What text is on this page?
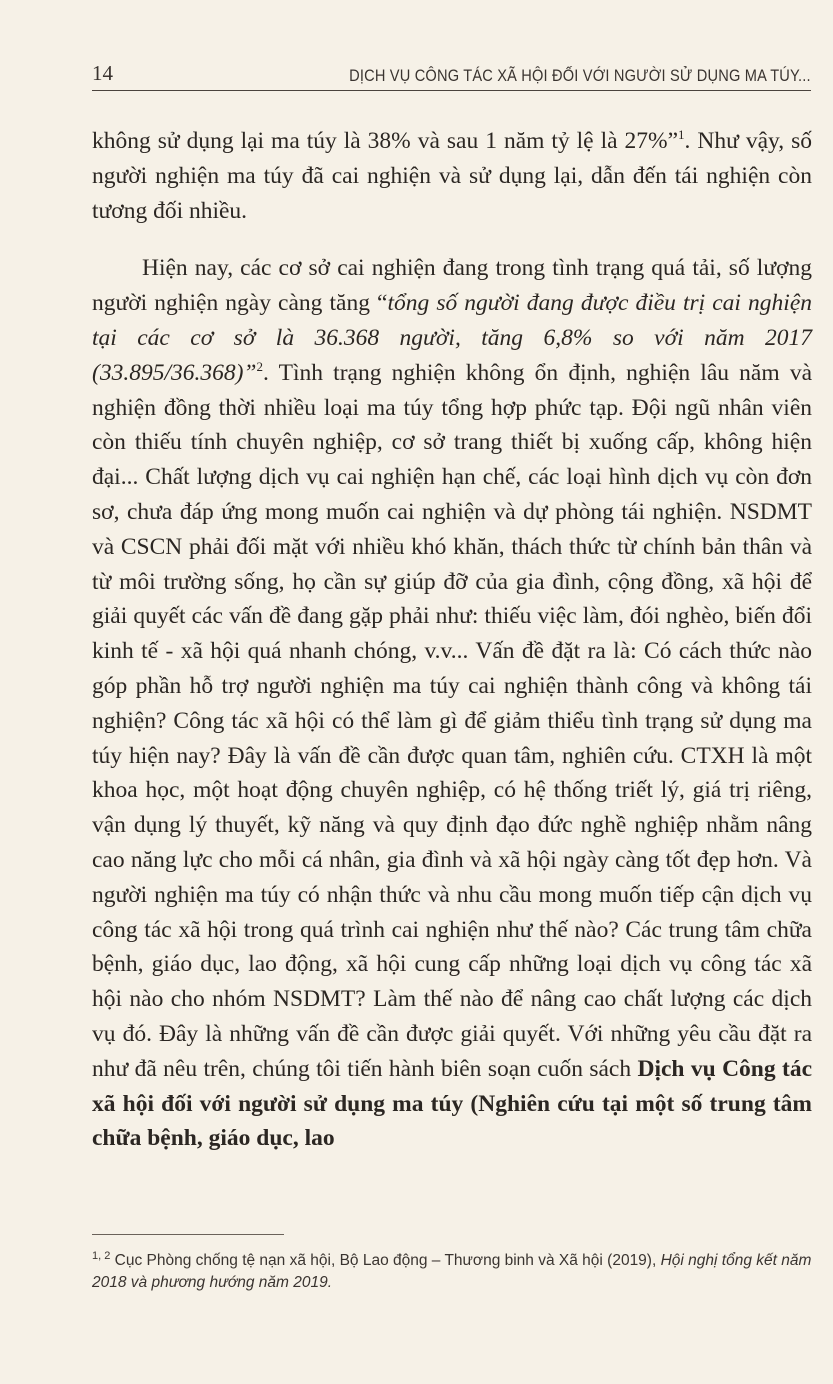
14	DỊCH VỤ CÔNG TÁC XÃ HỘI ĐỐI VỚI NGƯỜI SỬ DỤNG MA TÚY...

không sử dụng lại ma túy là 38% và sau 1 năm tỷ lệ là 27%”$^1$. Như vậy, số người nghiện ma túy đã cai nghiện và sử dụng lại, dẫn đến tái nghiện còn tương đối nhiều.

Hiện nay, các cơ sở cai nghiện đang trong tình trạng quá tải, số lượng người nghiện ngày càng tăng “tổng số người đang được điều trị cai nghiện tại các cơ sở là 36.368 người, tăng 6,8% so với năm 2017 (33.895/36.368)”$^2$. Tình trạng nghiện không ổn định, nghiện lâu năm và nghiện đồng thời nhiều loại ma túy tổng hợp phức tạp. Đội ngũ nhân viên còn thiếu tính chuyên nghiệp, cơ sở trang thiết bị xuống cấp, không hiện đại... Chất lượng dịch vụ cai nghiện hạn chế, các loại hình dịch vụ còn đơn sơ, chưa đáp ứng mong muốn cai nghiện và dự phòng tái nghiện. NSDMT và CSCN phải đối mặt với nhiều khó khăn, thách thức từ chính bản thân và từ môi trường sống, họ cần sự giúp đỡ của gia đình, cộng đồng, xã hội để giải quyết các vấn đề đang gặp phải như: thiếu việc làm, đói nghèo, biến đổi kinh tế - xã hội quá nhanh chóng, v.v... Vấn đề đặt ra là: Có cách thức nào góp phần hỗ trợ người nghiện ma túy cai nghiện thành công và không tái nghiện? Công tác xã hội có thể làm gì để giảm thiểu tình trạng sử dụng ma túy hiện nay? Đây là vấn đề cần được quan tâm, nghiên cứu. CTXH là một khoa học, một hoạt động chuyên nghiệp, có hệ thống triết lý, giá trị riêng, vận dụng lý thuyết, kỹ năng và quy định đạo đức nghề nghiệp nhằm nâng cao năng lực cho mỗi cá nhân, gia đình và xã hội ngày càng tốt đẹp hơn. Và người nghiện ma túy có nhận thức và nhu cầu mong muốn tiếp cận dịch vụ công tác xã hội trong quá trình cai nghiện như thế nào? Các trung tâm chữa bệnh, giáo dục, lao động, xã hội cung cấp những loại dịch vụ công tác xã hội nào cho nhóm NSDMT? Làm thế nào để nâng cao chất lượng các dịch vụ đó. Đây là những vấn đề cần được giải quyết. Với những yêu cầu đặt ra như đã nêu trên, chúng tôi tiến hành biên soạn cuốn sách Dịch vụ Công tác xã hội đối với người sử dụng ma túy (Nghiên cứu tại một số trung tâm chữa bệnh, giáo dục, lao

$^{1, 2}$ Cục Phòng chống tệ nạn xã hội, Bộ Lao động – Thương binh và Xã hội (2019), Hội nghị tổng kết năm 2018 và phương hướng năm 2019.
